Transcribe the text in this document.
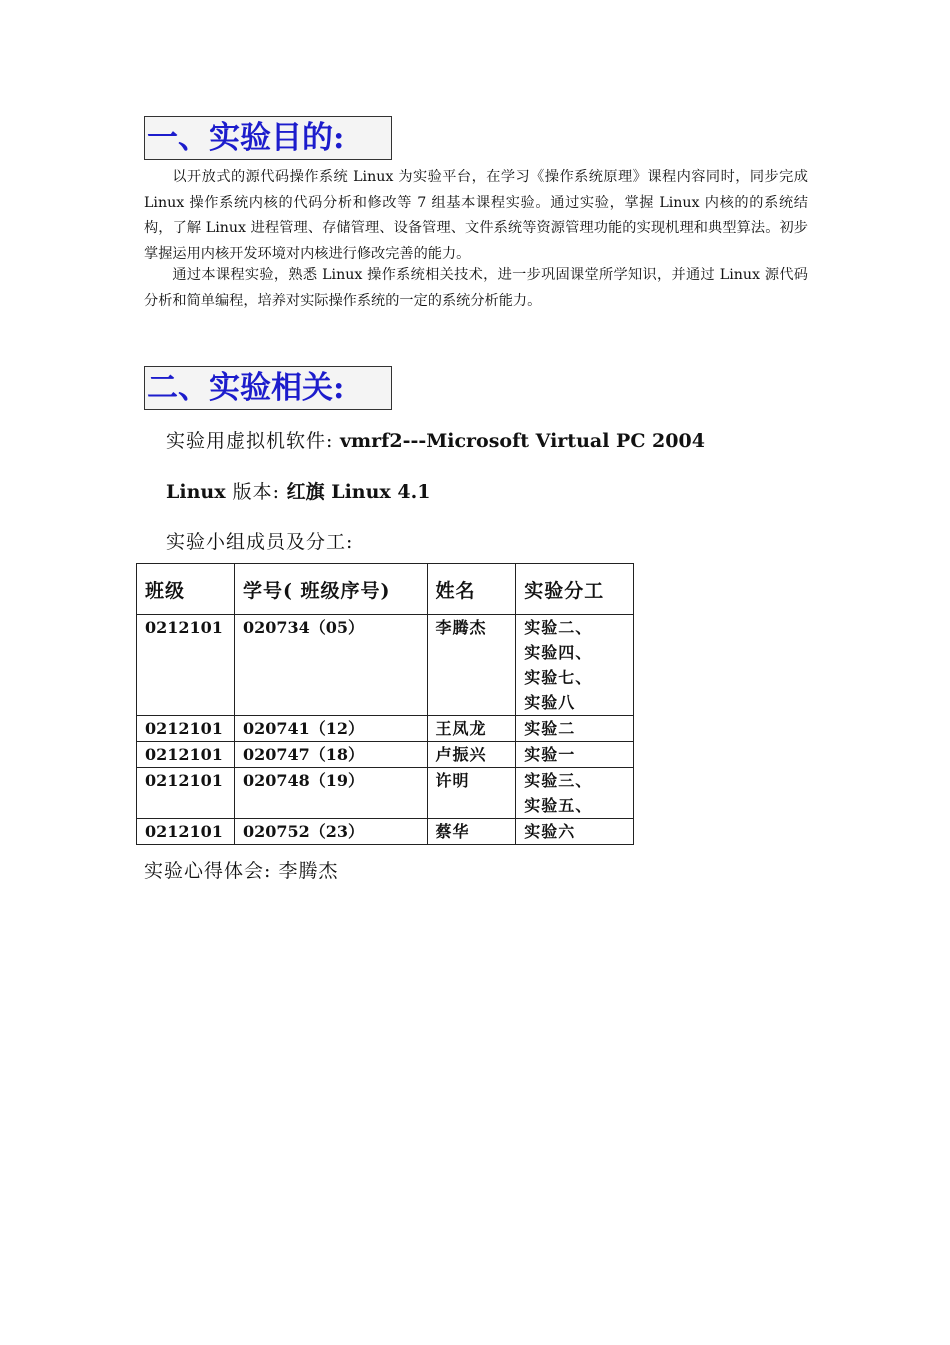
一、实验目的:

以开放式的源代码操作系统 Linux 为实验平台，在学习《操作系统原理》课程内容同时，同步完成 Linux 操作系统内核的代码分析和修改等 7 组基本课程实验。通过实验，掌握 Linux 内核的的系统结构，了解 Linux 进程管理、存储管理、设备管理、文件系统等资源管理功能的实现机理和典型算法。初步掌握运用内核开发环境对内核进行修改完善的能力。

通过本课程实验，熟悉 Linux 操作系统相关技术，进一步巩固课堂所学知识，并通过 Linux 源代码分析和简单编程，培养对实际操作系统的一定的系统分析能力。

二、实验相关:
实验用虚拟机软件: vmrf2---Microsoft Virtual PC 2004
Linux 版本: 红旗 Linux 4.1
实验小组成员及分工:
班级	学号( 班级序号)	姓名	实验分工
0212101	020734（05）	李腾杰	实验二、
实验四、
实验七、
实验八

0212101	020741（12）	王凤龙	实验二

0212101	020747（18）	卢振兴	实验一

0212101	020748（19）	许明	实验三、
实验五、

0212101	020752（23）	蔡华	实验六
实验心得体会: 李腾杰
